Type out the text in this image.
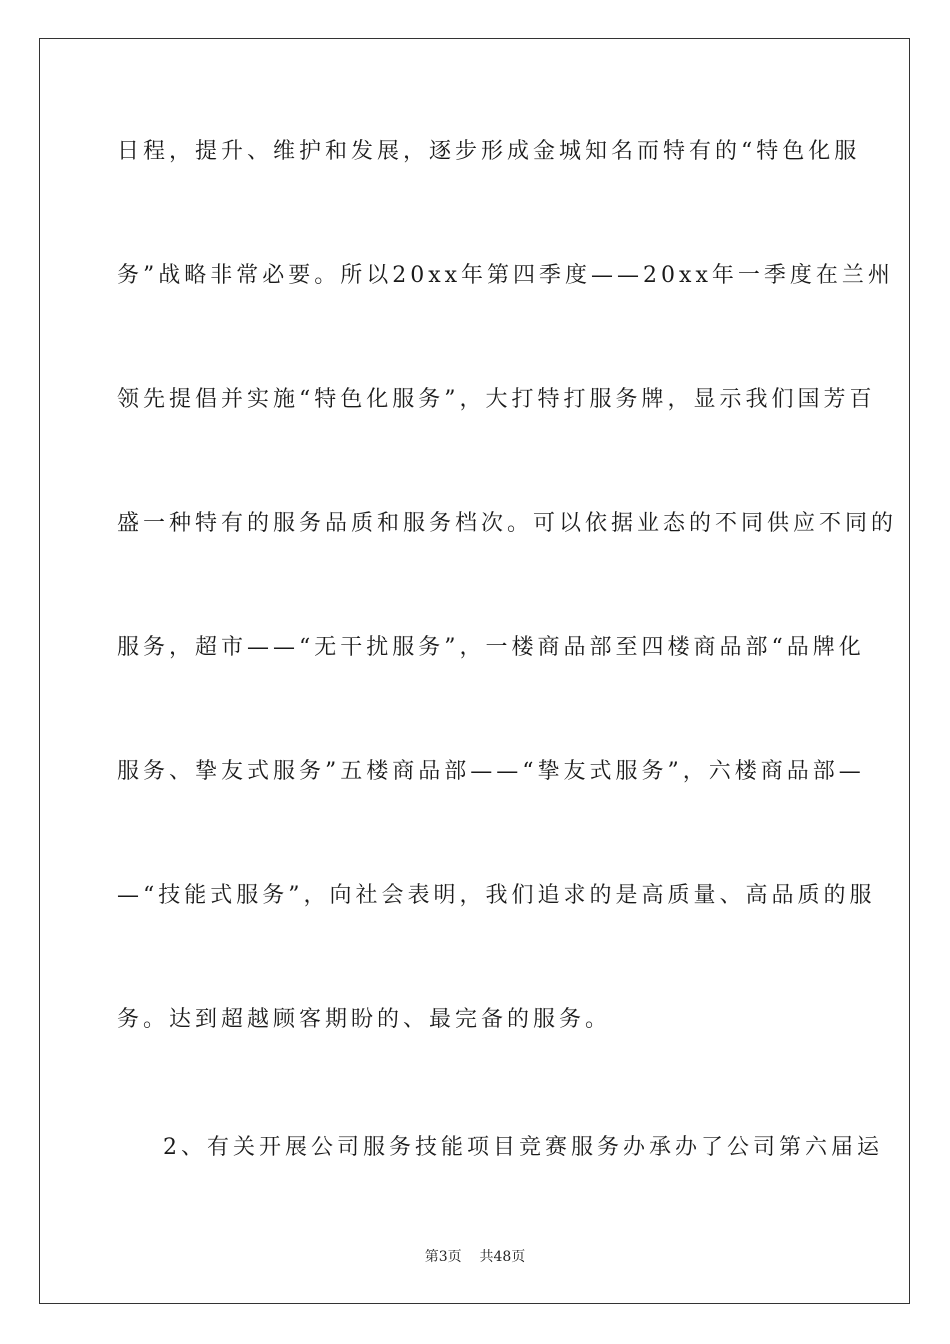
日程，提升、维护和发展，逐步形成金城知名而特有的“特色化服
务”战略非常必要。所以20xx年第四季度——20xx年一季度在兰州
领先提倡并实施“特色化服务”，大打特打服务牌，显示我们国芳百
盛一种特有的服务品质和服务档次。可以依据业态的不同供应不同的
服务，超市——“无干扰服务”，一楼商品部至四楼商品部“品牌化
服务、挚友式服务”五楼商品部——“挚友式服务”，六楼商品部—
—“技能式服务”，向社会表明，我们追求的是高质量、高品质的服
务。达到超越顾客期盼的、最完备的服务。
2、有关开展公司服务技能项目竞赛服务办承办了公司第六届运
第3页 共48页
